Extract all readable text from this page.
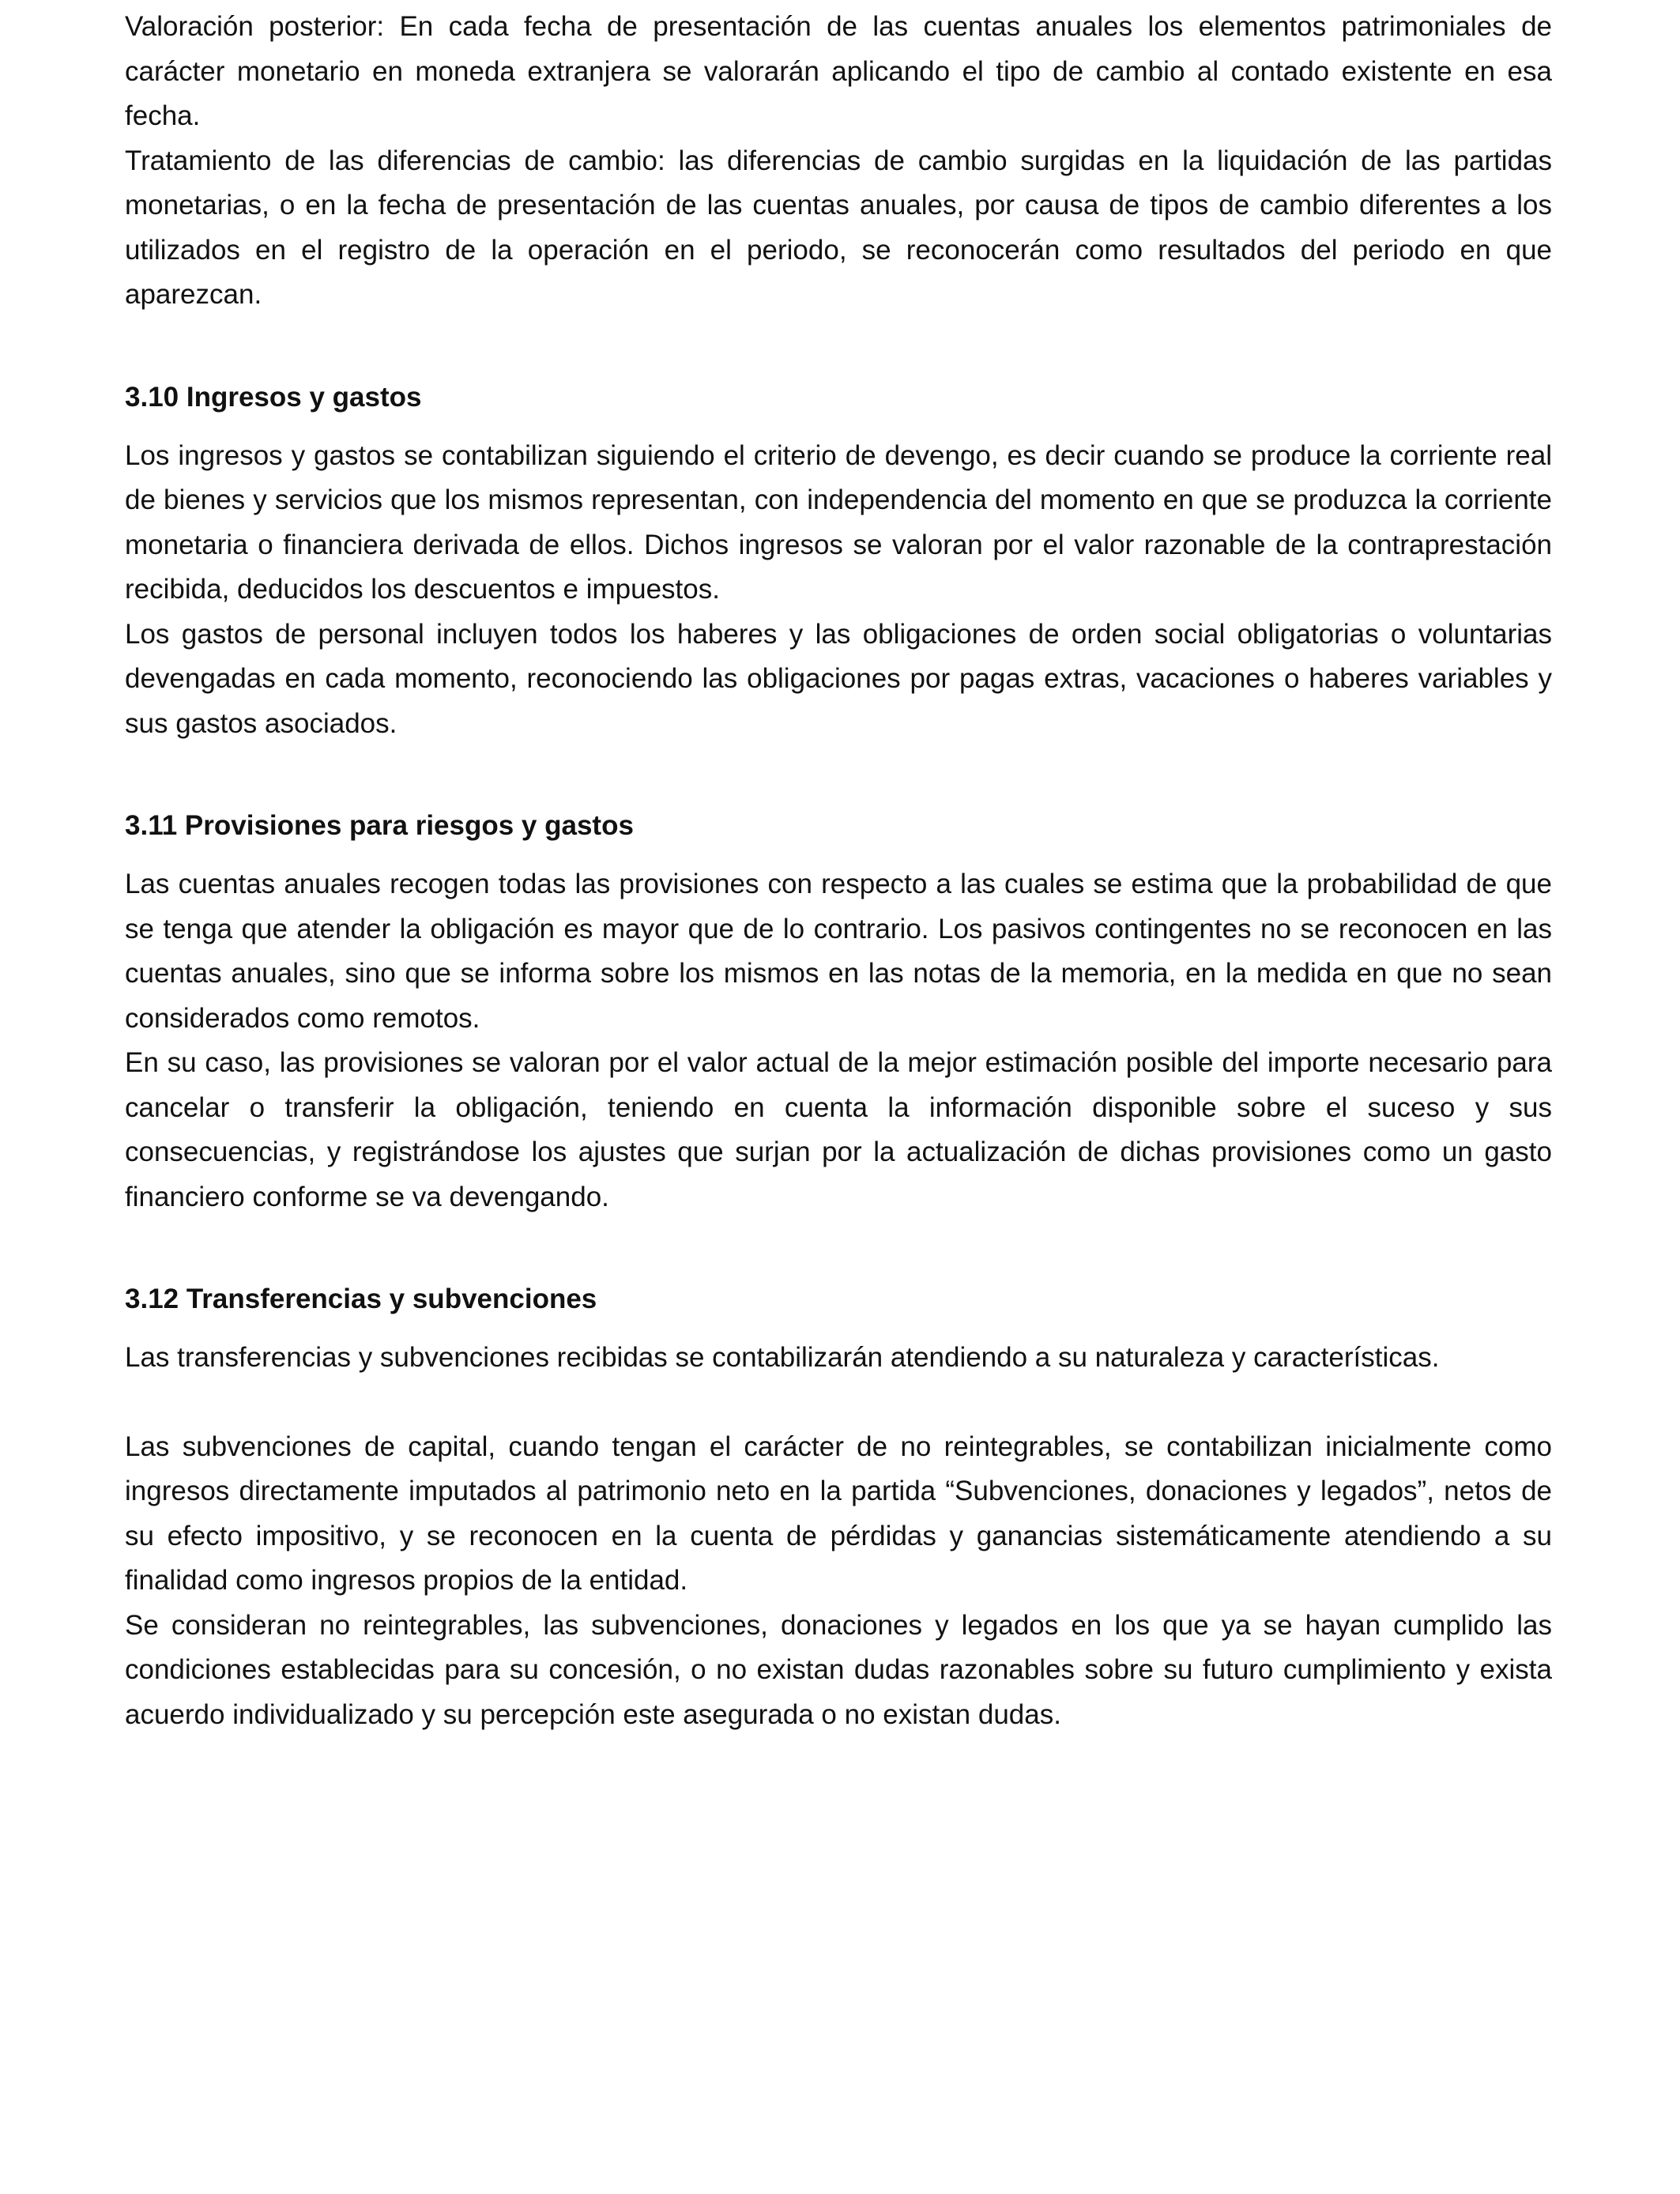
Valoración posterior: En cada fecha de presentación de las cuentas anuales los elementos patrimoniales de carácter monetario en moneda extranjera se valorarán aplicando el tipo de cambio al contado existente en esa fecha.

Tratamiento de las diferencias de cambio: las diferencias de cambio surgidas en la liquidación de las partidas monetarias, o en la fecha de presentación de las cuentas anuales, por causa de tipos de cambio diferentes a los utilizados en el registro de la operación en el periodo, se reconocerán como resultados del periodo en que aparezcan.

3.10 Ingresos y gastos

Los ingresos y gastos se contabilizan siguiendo el criterio de devengo, es decir cuando se produce la corriente real de bienes y servicios que los mismos representan, con independencia del momento en que se produzca la corriente monetaria o financiera derivada de ellos. Dichos ingresos se valoran por el valor razonable de la contraprestación recibida, deducidos los descuentos e impuestos.

Los gastos de personal incluyen todos los haberes y las obligaciones de orden social obligatorias o voluntarias devengadas en cada momento, reconociendo las obligaciones por pagas extras, vacaciones o haberes variables y sus gastos asociados.

3.11 Provisiones para riesgos y gastos

Las cuentas anuales recogen todas las provisiones con respecto a las cuales se estima que la probabilidad de que se tenga que atender la obligación es mayor que de lo contrario. Los pasivos contingentes no se reconocen en las cuentas anuales, sino que se informa sobre los mismos en las notas de la memoria, en la medida en que no sean considerados como remotos.

En su caso, las provisiones se valoran por el valor actual de la mejor estimación posible del importe necesario para cancelar o transferir la obligación, teniendo en cuenta la información disponible sobre el suceso y sus consecuencias, y registrándose los ajustes que surjan por la actualización de dichas provisiones como un gasto financiero conforme se va devengando.

3.12 Transferencias y subvenciones

Las transferencias y subvenciones recibidas se contabilizarán atendiendo a su naturaleza y características.

Las subvenciones de capital, cuando tengan el carácter de no reintegrables, se contabilizan inicialmente como ingresos directamente imputados al patrimonio neto en la partida “Subvenciones, donaciones y legados”, netos de su efecto impositivo, y se reconocen en la cuenta de pérdidas y ganancias sistemáticamente atendiendo a su finalidad como ingresos propios de la entidad.

Se consideran no reintegrables, las subvenciones, donaciones y legados en los que ya se hayan cumplido las condiciones establecidas para su concesión, o no existan dudas razonables sobre su futuro cumplimiento y exista acuerdo individualizado y su percepción este asegurada o no existan dudas.
